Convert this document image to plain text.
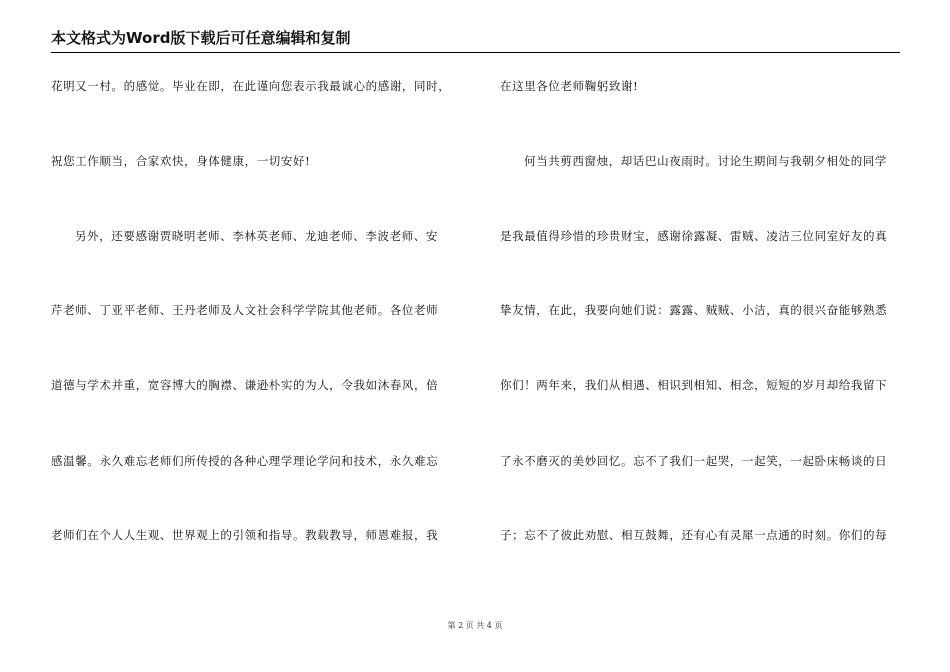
本文格式为Word版下载后可任意编辑和复制
花明又一村。的感觉。毕业在即，在此谨向您表示我最诚心的感谢，同时，
祝您工作顺当，合家欢快，身体健康，一切安好!
另外，还要感谢贾晓明老师、李林英老师、龙迪老师、李波老师、安
芹老师、丁亚平老师、王丹老师及人文社会科学学院其他老师。各位老师
道德与学术并重，宽容博大的胸襟、谦逊朴实的为人，令我如沐春风，倍
感温馨。永久难忘老师们所传授的各种心理学理论学问和技术，永久难忘
老师们在个人人生观、世界观上的引领和指导。教载教导，师恩难报，我
在这里各位老师鞠躬致谢!
何当共剪西窗烛，却话巴山夜雨时。讨论生期间与我朝夕相处的同学
是我最值得珍惜的珍贵财宝，感谢徐露凝、雷贼、凌洁三位同室好友的真
挚友情，在此，我要向她们说：露露、贼贼、小洁，真的很兴奋能够熟悉
你们！两年来，我们从相遇、相识到相知、相念，短短的岁月却给我留下
了永不磨灭的美妙回忆。忘不了我们一起哭，一起笑，一起卧床畅谈的日
子；忘不了彼此劝慰、相互鼓舞，还有心有灵犀一点通的时刻。你们的每
第 2 页 共 4 页
